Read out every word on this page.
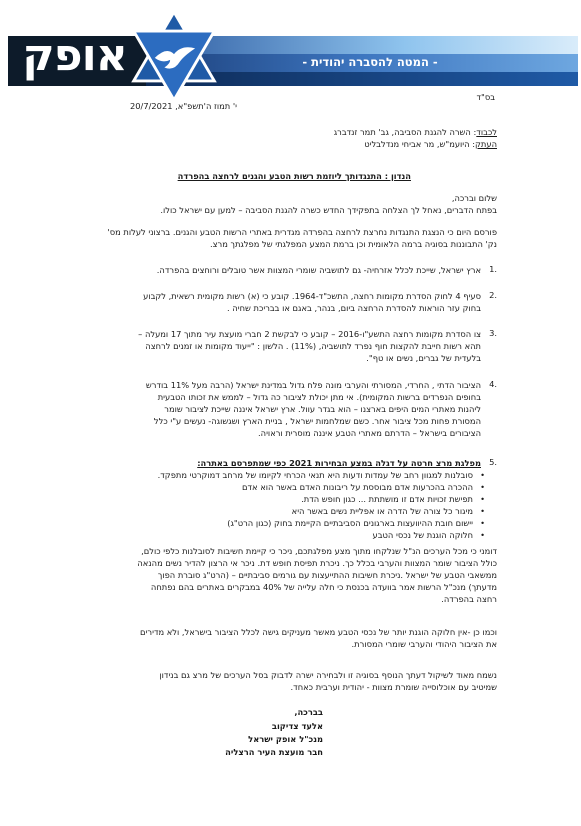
אופק	- המטה להסברה יהודית -
בס"ד
י' תמוז ה'תשפ"א, 20/7/2021
לכבוד: השרה להגנת הסביבה, גב' תמר זנדברג
העתק: היועמ"ש, מר אביחי מנדלבליט
הנדון : התנגדותך ליוזמת רשות הטבע והגנים לרחצה בהפרדה
שלום וברכה,
בפתח הדברים, נאחל לך הצלחה בתפקידך החדש כשרה להגנת הסביבה – למען עם ישראל כולו.
פורסם היום כי הנצגת התנגדות נחרצת לרחצה בהפרדה מגדרית באתרי הרשות הטבע והגנים. ברצוני לעלות מס'
נק' התבוננות בסוגיה ברמה הלאומית וכן ברמת המצע המפלגתי של מפלגתך מרצ.
1.
ארץ ישראל, שייכת לכלל אזרחיה- גם לתושביה שומרי המצוות אשר טובלים ורוחצים בהפרדה.
2.
סעיף 4 לחוק הסדרת מקומות רחצה, התשכ"ד-1964. קובע כי (א) רשות מקומית רשאית, לקבוע
בחוק עזר הוראות להסדרת הרחצה ביום, בנהר, באגם או בבריכת שחיה .
3.
צו הסדרת מקומות רחצה התשע"ו-2016 – קובע כי לבקשת 2 חברי מועצת עיר מתוך 17 ומעלה –
תהא רשות חייבת להקצות חוף נפרד לתושביה, (11%) . הלשון : "ייעוד מקומות או זמנים לרחצה
בלעדית של גברים, נשים או טף".
4.
הציבור הדתי , החרדי, המסורתי והערבי מונה פלח גדול במדינת ישראל (הרבה מעל 11% בודרש
בחופים הנפרדים ברשות המקומית). אי מתן יכולת לציבור כה גדול – לממש את זכותו הטבעית
ליהנות מאתרי המים היפים בארצנו – הוא בגדר עוול. ארץ ישראל איננה שייכת לציבור שומר
המסורת פחות מכל ציבור אחר. כשם שמלחמות ישראל , בניית הארץ ושגשוגה- נעשים ע"י כלל
הציבורים בישראל – הדרתם מאתרי הטבע איננה מוסרית וראויה.
5.
מפלגת מרצ חרטה על דגלה במצע הבחירות 2021 כפי שמתפרסם באתרה:
• סובלנות למגוון רחב של עמדות ודעות היא תנאי הכרחי לקיומו של מרחב דמוקרטי מתפקד.
• ההכרה בהכרעות אדם מבוססת על ריבונות האדם באשר הוא אדם
• תפישת זכויות אדם זו מושתתת ... כגון חופש הדת.
• מיגור כל צורה של הדרה או אפליית נשים באשר היא
• יישום חובת ההיוועצות בארגונים הסביבתיים הקיימת בחוק (כגון הרט"ג)
• חלוקה הוגנת של נכסי הטבע
דומני כי מכל הערכים הנ"ל שנלקחו מתוך מצע מפלגתכם, ניכר כי קיימת חשיבות לסובלנות כלפי כולם,
כולל הציבור שומר המצוות והערבי בכלל כך. ניכרת תפיסת חופש דת. ניכר אי הרצון להדיר נשים מהנאה
ממשאבי הטבע של ישראל .ניכרת חשיבות ההתייעצות עם גורמים סביבתיים – (הרט"ג סוברת הפוך
מדעתך) מנכ"ל הרשות אמר בוועדה בכנסת כי חלה עלייה של 40% במבקרים באתרים בהם נפתחה
רחצה בהפרדה.
וכמו כן -אין חלוקה הוגנת יותר של נכסי הטבע מאשר מעניקים גישה לכלל הציבור בישראל, ולא מדירים
את הציבור היהודי והערבי שומרי המסורת.
נשמח מאוד לשיקול דעתך הנוסף בסוגיה זו ולבחירה ישרה לדבוק בסל הערכים של מרצ גם בנידון
שמיטיב עם אוכלוסייה שומרת מצוות - יהודית וערבית כאחד.
בברכה,
אלעד צדיקוב
מנכ"ל אופק ישראל
חבר מועצת העיר הרצליה
